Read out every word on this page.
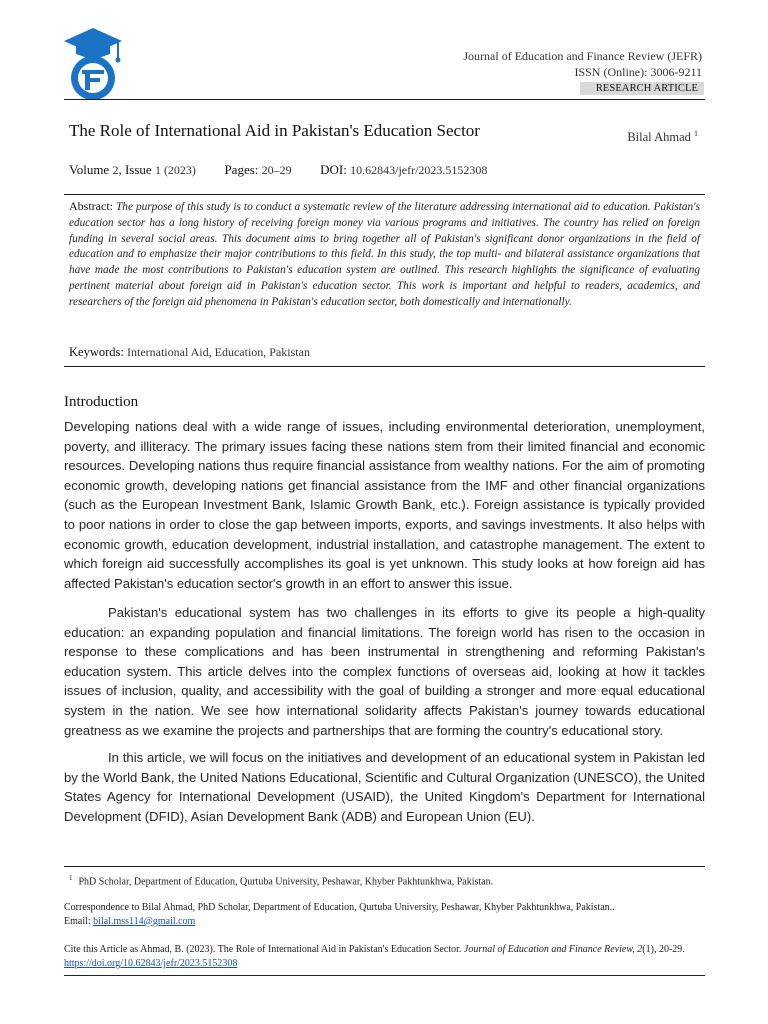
Journal of Education and Finance Review (JEFR)
ISSN (Online): 3006-9211
RESEARCH ARTICLE
The Role of International Aid in Pakistan's Education Sector	Bilal Ahmad $^1$
Volume 2, Issue 1 (2023) Pages: 20–29 DOI: 10.62843/jefr/2023.5152308
Abstract: The purpose of this study is to conduct a systematic review of the literature addressing international aid to education. Pakistan's education sector has a long history of receiving foreign money via various programs and initiatives. The country has relied on foreign funding in several social areas. This document aims to bring together all of Pakistan's significant donor organizations in the field of education and to emphasize their major contributions to this field. In this study, the top multi- and bilateral assistance organizations that have made the most contributions to Pakistan's education system are outlined. This research highlights the significance of evaluating pertinent material about foreign aid in Pakistan's education sector. This work is important and helpful to readers, academics, and researchers of the foreign aid phenomena in Pakistan's education sector, both domestically and internationally.
Keywords: International Aid, Education, Pakistan
Introduction

Developing nations deal with a wide range of issues, including environmental deterioration, unemployment, poverty, and illiteracy. The primary issues facing these nations stem from their limited financial and economic resources. Developing nations thus require financial assistance from wealthy nations. For the aim of promoting economic growth, developing nations get financial assistance from the IMF and other financial organizations (such as the European Investment Bank, Islamic Growth Bank, etc.). Foreign assistance is typically provided to poor nations in order to close the gap between imports, exports, and savings investments. It also helps with economic growth, education development, industrial installation, and catastrophe management. The extent to which foreign aid successfully accomplishes its goal is yet unknown. This study looks at how foreign aid has affected Pakistan's education sector's growth in an effort to answer this issue.

Pakistan's educational system has two challenges in its efforts to give its people a high-quality education: an expanding population and financial limitations. The foreign world has risen to the occasion in response to these complications and has been instrumental in strengthening and reforming Pakistan's education system. This article delves into the complex functions of overseas aid, looking at how it tackles issues of inclusion, quality, and accessibility with the goal of building a stronger and more equal educational system in the nation. We see how international solidarity affects Pakistan's journey towards educational greatness as we examine the projects and partnerships that are forming the country's educational story.

In this article, we will focus on the initiatives and development of an educational system in Pakistan led by the World Bank, the United Nations Educational, Scientific and Cultural Organization (UNESCO), the United States Agency for International Development (USAID), the United Kingdom's Department for International Development (DFID), Asian Development Bank (ADB) and European Union (EU).

$^1$ PhD Scholar, Department of Education, Qurtuba University, Peshawar, Khyber Pakhtunkhwa, Pakistan.
Correspondence to Bilal Ahmad, PhD Scholar, Department of Education, Qurtuba University, Peshawar, Khyber Pakhtunkhwa, Pakistan..
Email: bilal.mss114@gmail.com
Cite this Article as Ahmad, B. (2023). The Role of International Aid in Pakistan's Education Sector. Journal of Education and Finance Review, 2(1), 20-29. https://doi.org/10.62843/jefr/2023.5152308
